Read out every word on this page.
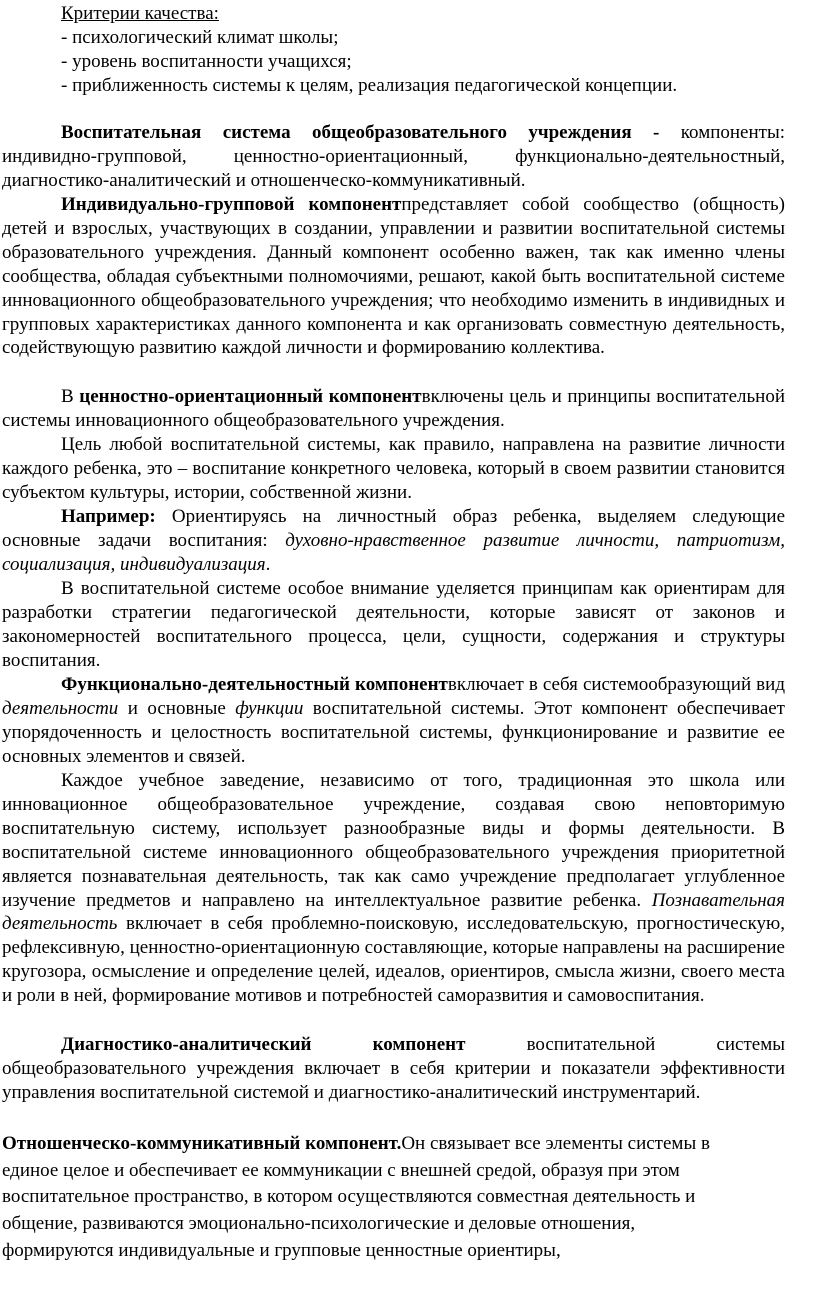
Критерии качества:
- психологический климат школы;
- уровень воспитанности учащихся;
- приближенность системы к целям, реализация педагогической концепции.

Воспитательная система общеобразовательного учреждения - компоненты: индивидно-групповой, ценностно-ориентационный, функционально-деятельностный, диагностико-аналитический и отношенческо-коммуникативный.

Индивидуально-групповой компонентпредставляет собой сообщество (общность) детей и взрослых, участвующих в создании, управлении и развитии воспитательной системы образовательного учреждения. Данный компонент особенно важен, так как именно члены сообщества, обладая субъектными полномочиями, решают, какой быть воспитательной системе инновационного общеобразовательного учреждения; что необходимо изменить в индивидных и групповых характеристиках данного компонента и как организовать совместную деятельность, содействующую развитию каждой личности и формированию коллектива.

В ценностно-ориентационный компонентвключены цель и принципы воспитательной системы инновационного общеобразовательного учреждения.

Цель любой воспитательной системы, как правило, направлена на развитие личности каждого ребенка, это – воспитание конкретного человека, который в своем развитии становится субъектом культуры, истории, собственной жизни.

Например: Ориентируясь на личностный образ ребенка, выделяем следующие основные задачи воспитания: духовно-нравственное развитие личности, патриотизм, социализация, индивидуализация.

В воспитательной системе особое внимание уделяется принципам как ориентирам для разработки стратегии педагогической деятельности, которые зависят от законов и закономерностей воспитательного процесса, цели, сущности, содержания и структуры воспитания.

Функционально-деятельностный компонентвключает в себя системообразующий вид деятельности и основные функции воспитательной системы. Этот компонент обеспечивает упорядоченность и целостность воспитательной системы, функционирование и развитие ее основных элементов и связей.

Каждое учебное заведение, независимо от того, традиционная это школа или инновационное общеобразовательное учреждение, создавая свою неповторимую воспитательную систему, использует разнообразные виды и формы деятельности. В воспитательной системе инновационного общеобразовательного учреждения приоритетной является познавательная деятельность, так как само учреждение предполагает углубленное изучение предметов и направлено на интеллектуальное развитие ребенка. Познавательная деятельность включает в себя проблемно-поисковую, исследовательскую, прогностическую, рефлексивную, ценностно-ориентационную составляющие, которые направлены на расширение кругозора, осмысление и определение целей, идеалов, ориентиров, смысла жизни, своего места и роли в ней, формирование мотивов и потребностей саморазвития и самовоспитания.

Диагностико-аналитический компонент воспитательной системы общеобразовательного учреждения включает в себя критерии и показатели эффективности управления воспитательной системой и диагностико-аналитический инструментарий.

Отношенческо-коммуникативный компонент.Он связывает все элементы системы в
единое целое и обеспечивает ее коммуникации с внешней средой, образуя при этом
воспитательное пространство, в котором осуществляются совместная деятельность и
общение, развиваются эмоционально-психологические и деловые отношения,
формируются индивидуальные и групповые ценностные ориентиры,
